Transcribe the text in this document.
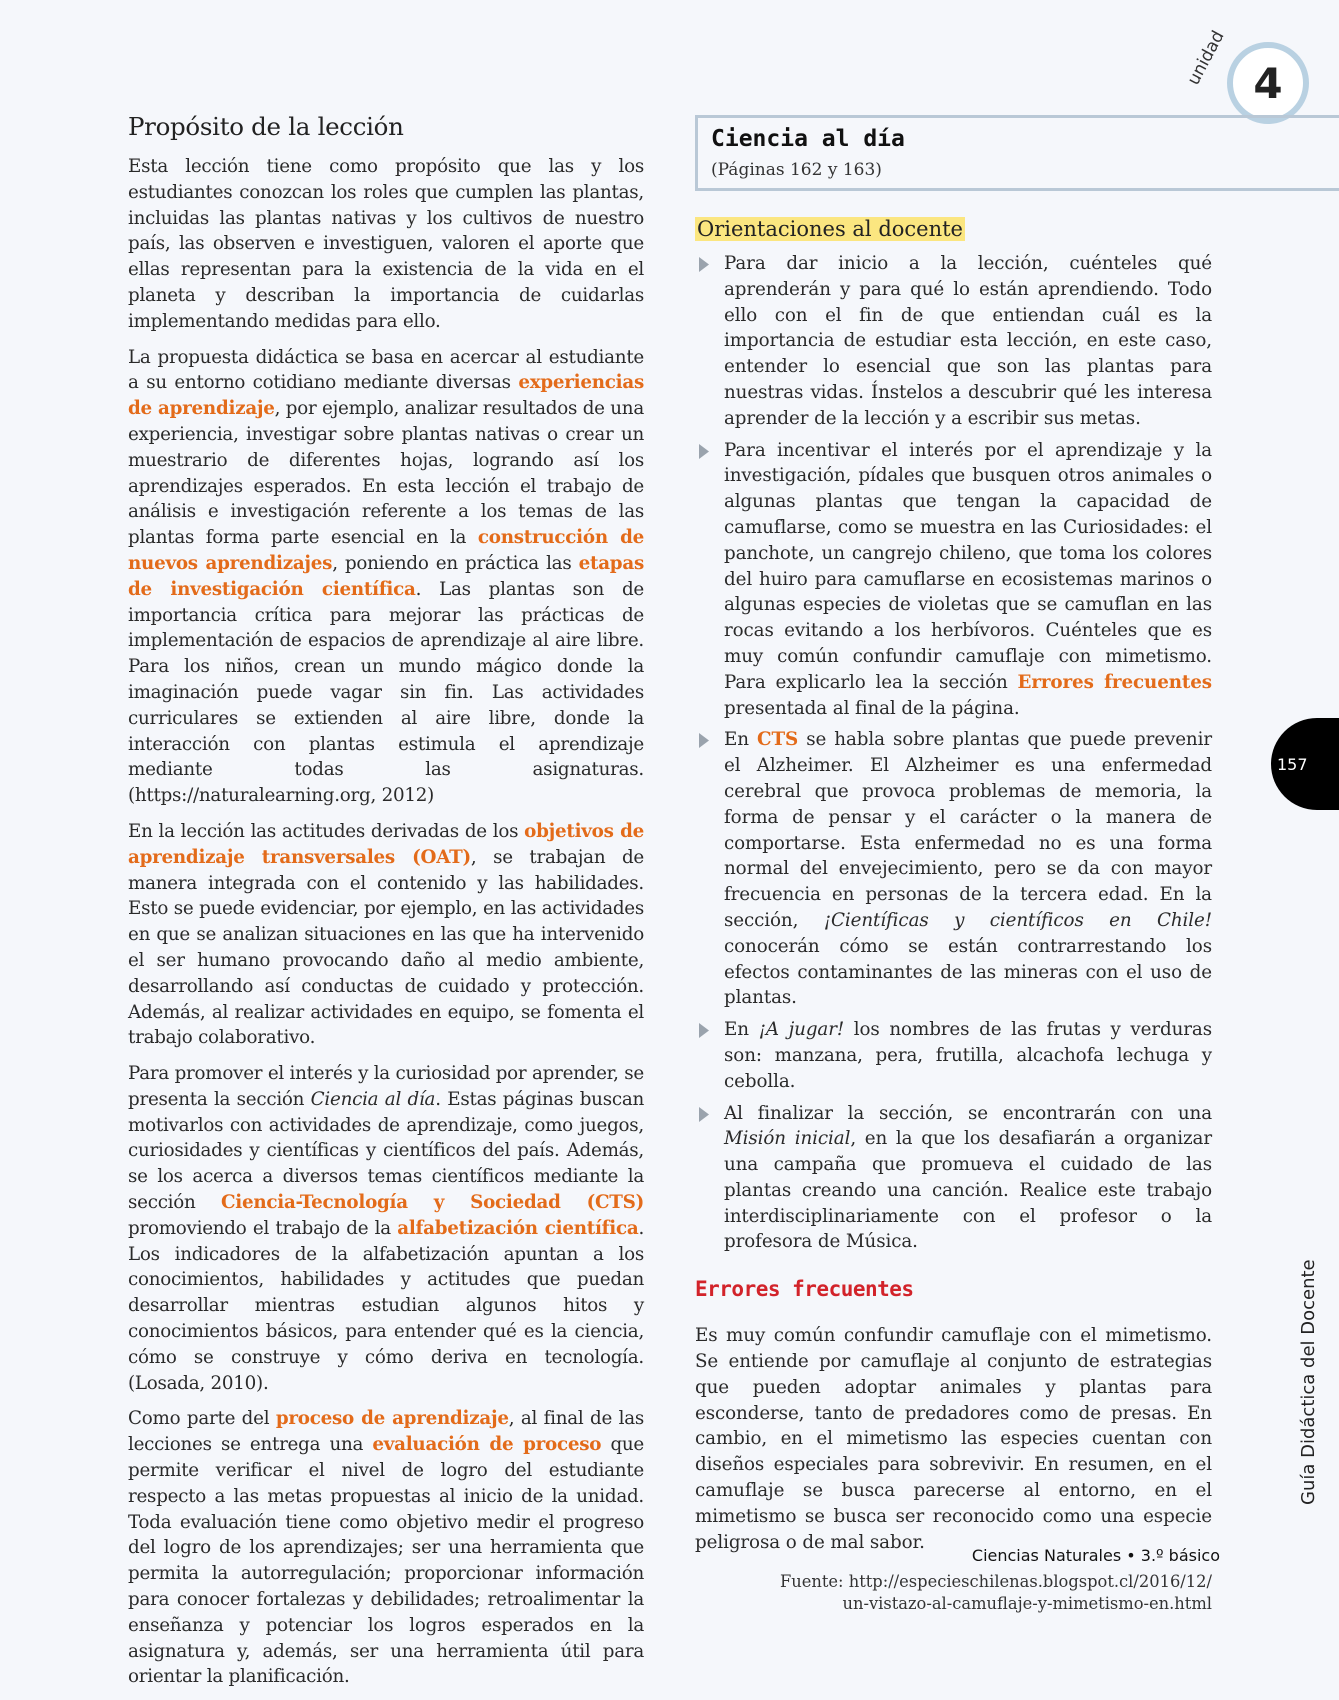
unidad 4
Propósito de la lección

Esta lección tiene como propósito que las y los estudiantes conozcan los roles que cumplen las plantas, incluidas las plantas nativas y los cultivos de nuestro país, las observen e investiguen, valoren el aporte que ellas representan para la existencia de la vida en el planeta y describan la importancia de cuidarlas implementando medidas para ello.

La propuesta didáctica se basa en acercar al estudiante a su entorno cotidiano mediante diversas experiencias de aprendizaje, por ejemplo, analizar resultados de una experiencia, investigar sobre plantas nativas o crear un muestrario de diferentes hojas, logrando así los aprendizajes esperados. En esta lección el trabajo de análisis e investigación referente a los temas de las plantas forma parte esencial en la construcción de nuevos aprendizajes, poniendo en práctica las etapas de investigación científica. Las plantas son de importancia crítica para mejorar las prácticas de implementación de espacios de aprendizaje al aire libre. Para los niños, crean un mundo mágico donde la imaginación puede vagar sin fin. Las actividades curriculares se extienden al aire libre, donde la interacción con plantas estimula el aprendizaje mediante todas las asignaturas. (https://naturalearning.org, 2012)

En la lección las actitudes derivadas de los objetivos de aprendizaje transversales (OAT), se trabajan de manera integrada con el contenido y las habilidades. Esto se puede evidenciar, por ejemplo, en las actividades en que se analizan situaciones en las que ha intervenido el ser humano provocando daño al medio ambiente, desarrollando así conductas de cuidado y protección. Además, al realizar actividades en equipo, se fomenta el trabajo colaborativo.

Para promover el interés y la curiosidad por aprender, se presenta la sección Ciencia al día. Estas páginas buscan motivarlos con actividades de aprendizaje, como juegos, curiosidades y científicas y científicos del país. Además, se los acerca a diversos temas científicos mediante la sección Ciencia-Tecnología y Sociedad (CTS) promoviendo el trabajo de la alfabetización científica. Los indicadores de la alfabetización apuntan a los conocimientos, habilidades y actitudes que puedan desarrollar mientras estudian algunos hitos y conocimientos básicos, para entender qué es la ciencia, cómo se construye y cómo deriva en tecnología. (Losada, 2010).

Como parte del proceso de aprendizaje, al final de las lecciones se entrega una evaluación de proceso que permite verificar el nivel de logro del estudiante respecto a las metas propuestas al inicio de la unidad. Toda evaluación tiene como objetivo medir el progreso del logro de los aprendizajes; ser una herramienta que permita la autorregulación; proporcionar información para conocer fortalezas y debilidades; retroalimentar la enseñanza y potenciar los logros esperados en la asignatura y, además, ser una herramienta útil para orientar la planificación.

Ciencia al día
(Páginas 162 y 163)
Orientaciones al docente
Para dar inicio a la lección, cuénteles qué aprenderán y para qué lo están aprendiendo. Todo ello con el fin de que entiendan cuál es la importancia de estudiar esta lección, en este caso, entender lo esencial que son las plantas para nuestras vidas. Ínstelos a descubrir qué les interesa aprender de la lección y a escribir sus metas.
Para incentivar el interés por el aprendizaje y la investigación, pídales que busquen otros animales o algunas plantas que tengan la capacidad de camuflarse, como se muestra en las Curiosidades: el panchote, un cangrejo chileno, que toma los colores del huiro para camuflarse en ecosistemas marinos o algunas especies de violetas que se camuflan en las rocas evitando a los herbívoros. Cuénteles que es muy común confundir camuflaje con mimetismo. Para explicarlo lea la sección Errores frecuentes presentada al final de la página.
En CTS se habla sobre plantas que puede prevenir el Alzheimer. El Alzheimer es una enfermedad cerebral que provoca problemas de memoria, la forma de pensar y el carácter o la manera de comportarse. Esta enfermedad no es una forma normal del envejecimiento, pero se da con mayor frecuencia en personas de la tercera edad. En la sección, ¡Científicas y científicos en Chile! conocerán cómo se están contrarrestando los efectos contaminantes de las mineras con el uso de plantas.
En ¡A jugar! los nombres de las frutas y verduras son: manzana, pera, frutilla, alcachofa lechuga y cebolla.
Al finalizar la sección, se encontrarán con una Misión inicial, en la que los desafiarán a organizar una campaña que promueva el cuidado de las plantas creando una canción. Realice este trabajo interdisciplinariamente con el profesor o la profesora de Música.
Errores frecuentes
Es muy común confundir camuflaje con el mimetismo. Se entiende por camuflaje al conjunto de estrategias que pueden adoptar animales y plantas para esconderse, tanto de predadores como de presas. En cambio, en el mimetismo las especies cuentan con diseños especiales para sobrevivir. En resumen, en el camuflaje se busca parecerse al entorno, en el mimetismo se busca ser reconocido como una especie peligrosa o de mal sabor.
Fuente: http://especieschilenas.blogspot.cl/2016/12/
un-vistazo-al-camuflaje-y-mimetismo-en.html
157
Guía Didáctica del Docente
Ciencias Naturales • 3.º básico
